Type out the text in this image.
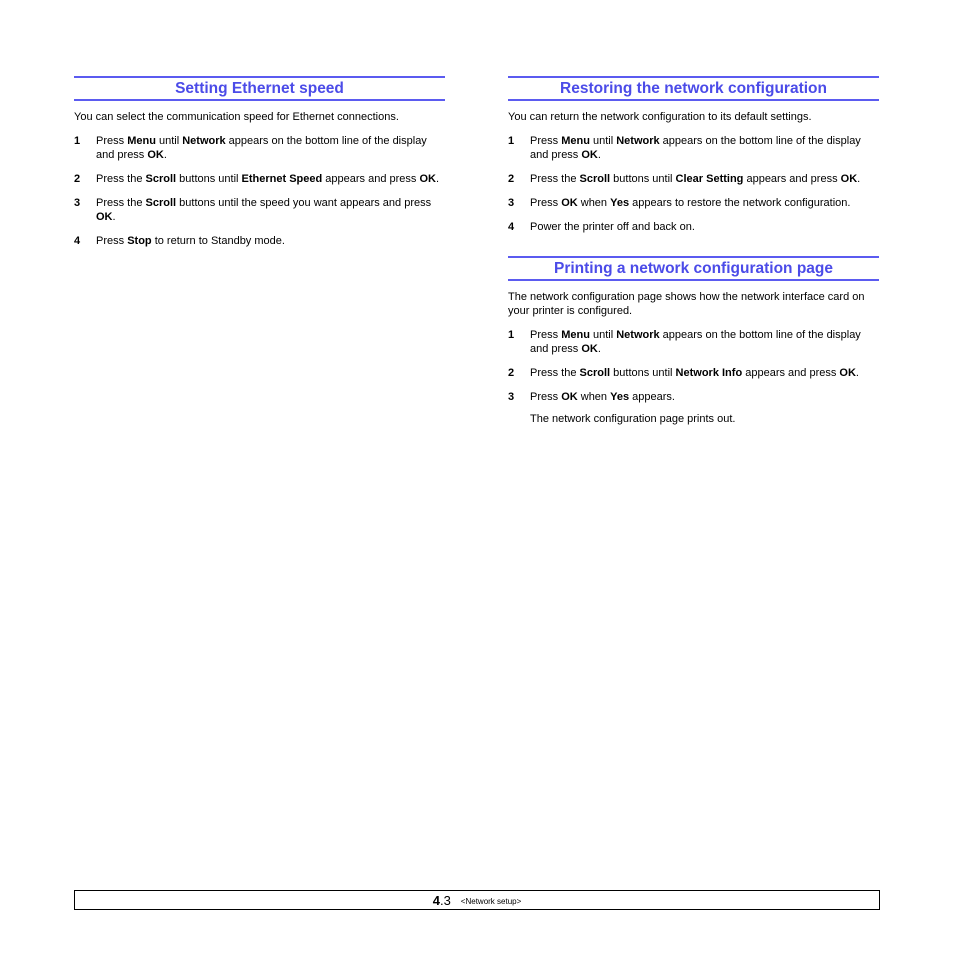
Setting Ethernet speed

You can select the communication speed for Ethernet connections.

1	Press Menu until Network appears on the bottom line of the display and press OK.
2	Press the Scroll buttons until Ethernet Speed appears and press OK.
3	Press the Scroll buttons until the speed you want appears and press OK.
4	Press Stop to return to Standby mode.
Restoring the network configuration

You can return the network configuration to its default settings.

1	Press Menu until Network appears on the bottom line of the display and press OK.
2	Press the Scroll buttons until Clear Setting appears and press OK.
3	Press OK when Yes appears to restore the network configuration.
4	Power the printer off and back on.
Printing a network configuration page

The network configuration page shows how the network interface card on your printer is configured.

1	Press Menu until Network appears on the bottom line of the display and press OK.
2	Press the Scroll buttons until Network Info appears and press OK.
3	Press OK when Yes appears.

The network configuration page prints out.

4.3 <Network setup>
